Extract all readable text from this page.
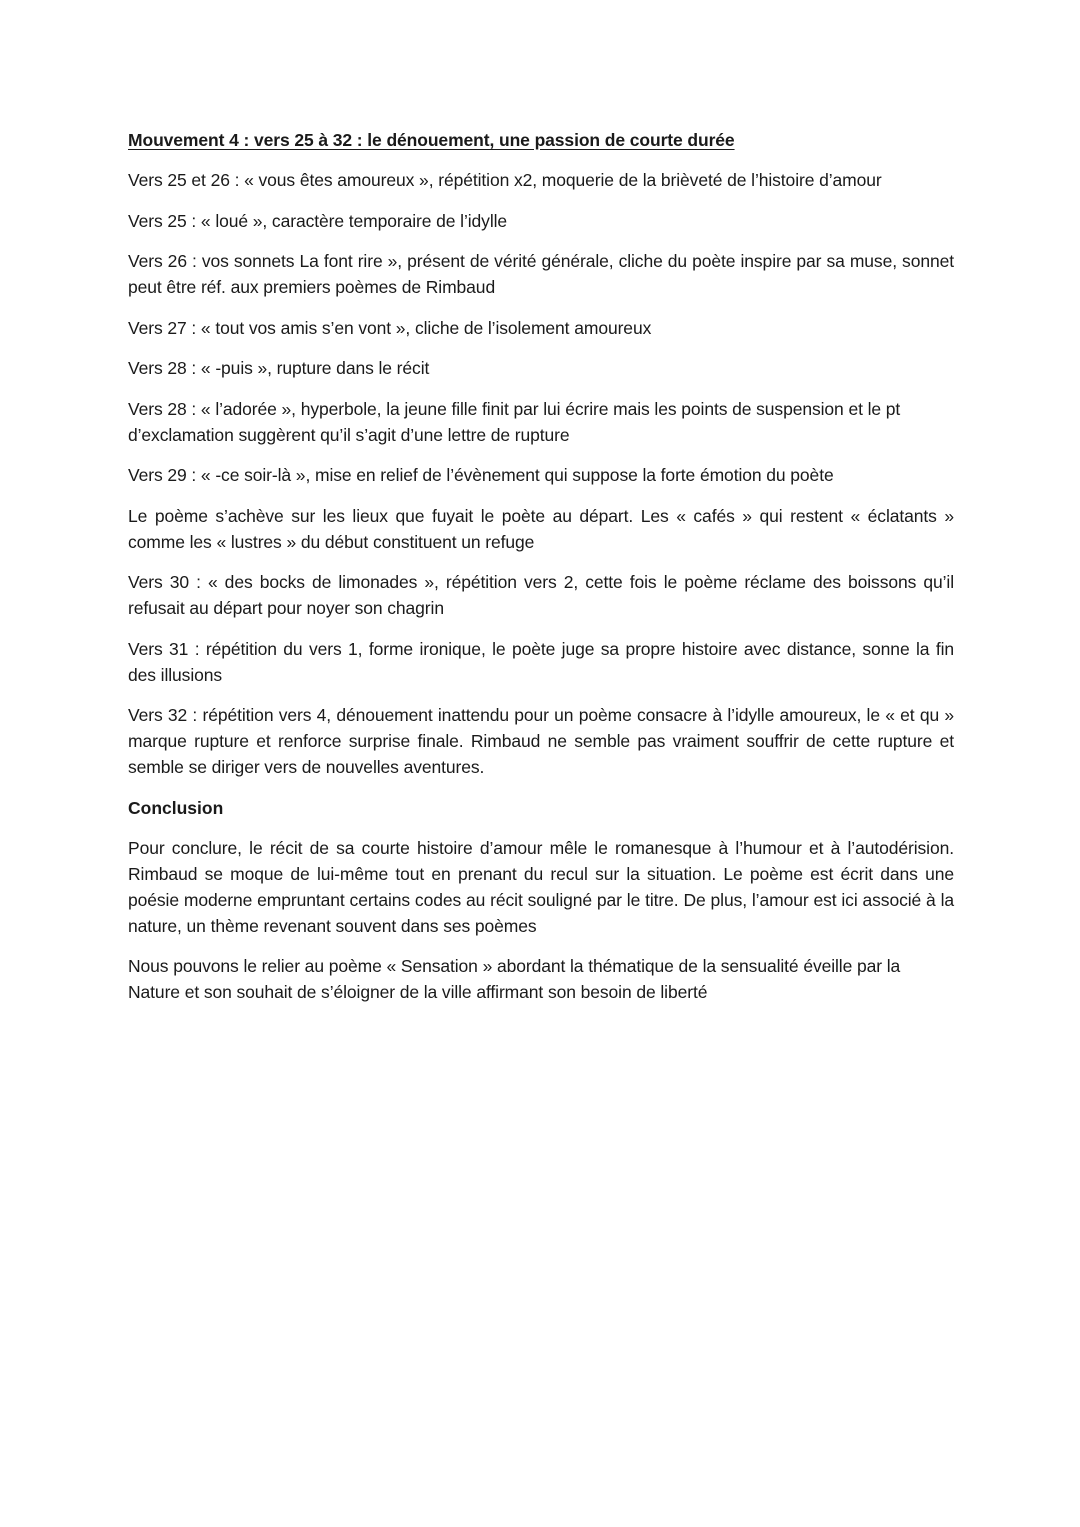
Mouvement 4 : vers 25 à 32 : le dénouement, une passion de courte durée

Vers 25 et 26 : « vous êtes amoureux », répétition x2, moquerie de la brièveté de l’histoire d’amour

Vers 25 : « loué », caractère temporaire de l’idylle

Vers 26 : vos sonnets La font rire », présent de vérité générale, cliche du poète inspire par sa muse, sonnet peut être réf. aux premiers poèmes de Rimbaud

Vers 27 : « tout vos amis s’en vont », cliche de l’isolement amoureux

Vers 28 : « -puis », rupture dans le récit

Vers 28 : « l’adorée », hyperbole, la jeune fille finit par lui écrire mais les points de suspension et le pt d’exclamation suggèrent qu’il s’agit d’une lettre de rupture

Vers 29 : « -ce soir-là », mise en relief de l’évènement qui suppose la forte émotion du poète

Le poème s’achève sur les lieux que fuyait le poète au départ. Les « cafés » qui restent « éclatants » comme les « lustres » du début constituent un refuge

Vers 30 : « des bocks de limonades », répétition vers 2, cette fois le poème réclame des boissons qu’il refusait au départ pour noyer son chagrin

Vers 31 : répétition du vers 1, forme ironique, le poète juge sa propre histoire avec distance, sonne la fin des illusions

Vers 32 : répétition vers 4, dénouement inattendu pour un poème consacre à l’idylle amoureux, le « et qu » marque rupture et renforce surprise finale. Rimbaud ne semble pas vraiment souffrir de cette rupture et semble se diriger vers de nouvelles aventures.

Conclusion

Pour conclure, le récit de sa courte histoire d’amour mêle le romanesque à l’humour et à l’autodérision. Rimbaud se moque de lui-même tout en prenant du recul sur la situation. Le poème est écrit dans une poésie moderne empruntant certains codes au récit souligné par le titre. De plus, l’amour est ici associé à la nature, un thème revenant souvent dans ses poèmes

Nous pouvons le relier au poème « Sensation » abordant la thématique de la sensualité éveille par la Nature et son souhait de s’éloigner de la ville affirmant son besoin de liberté
